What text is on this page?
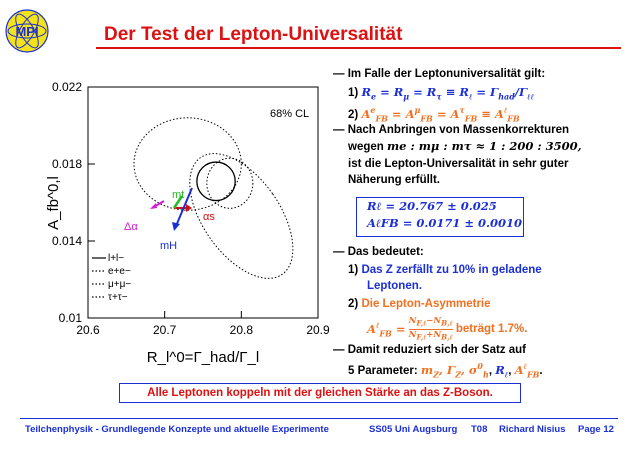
MPI	Der Test der Lepton-Universalität
20.6	20.7	20.8	20.9
0.01
0.014
0.018
0.022
mt
Δα
αs
mH
68% CL
l+l−
e+e−
μ+μ−
τ+τ−
A_fb^0,l
R_l^0=Γ_had/Γ_l
— Im Falle der Leptonuniversalität gilt:
1) $R_e = R_\mu = R_\tau \equiv R_\ell = \Gamma_{had}/\Gamma_{\ell\ell}$
2) $A^e_{FB} = A^\mu_{FB} = A^\tau_{FB} \equiv A^\ell_{FB}$
— Nach Anbringen von Massenkorrekturen
wegen me : mμ : mτ ≈ 1 : 200 : 3500,
ist die Lepton-Universalität in sehr guter
Näherung erfüllt.
Rℓ = 20.767 ± 0.025
AℓFB = 0.0171 ± 0.0010
— Das bedeutet:
1) Das Z zerfällt zu 10% in geladene
Leptonen.
2) Die Lepton-Asymmetrie
$A^\ell_{FB}$ =
$N_{F,\ell}-N_{B,\ell}$
$N_{F,\ell}+N_{B,\ell}$
beträgt 1.7%.
— Damit reduziert sich der Satz auf
5 Parameter: $m_Z$, $\Gamma_Z$, $\sigma^0_h$, $R_\ell$, $A^\ell_{FB}$.
Alle Leptonen koppeln mit der gleichen Stärke an das Z-Boson.
Teilchenphysik - Grundlegende Konzepte und aktuelle Experimente	SS05 Uni Augsburg T08 Richard Nisius Page 12
